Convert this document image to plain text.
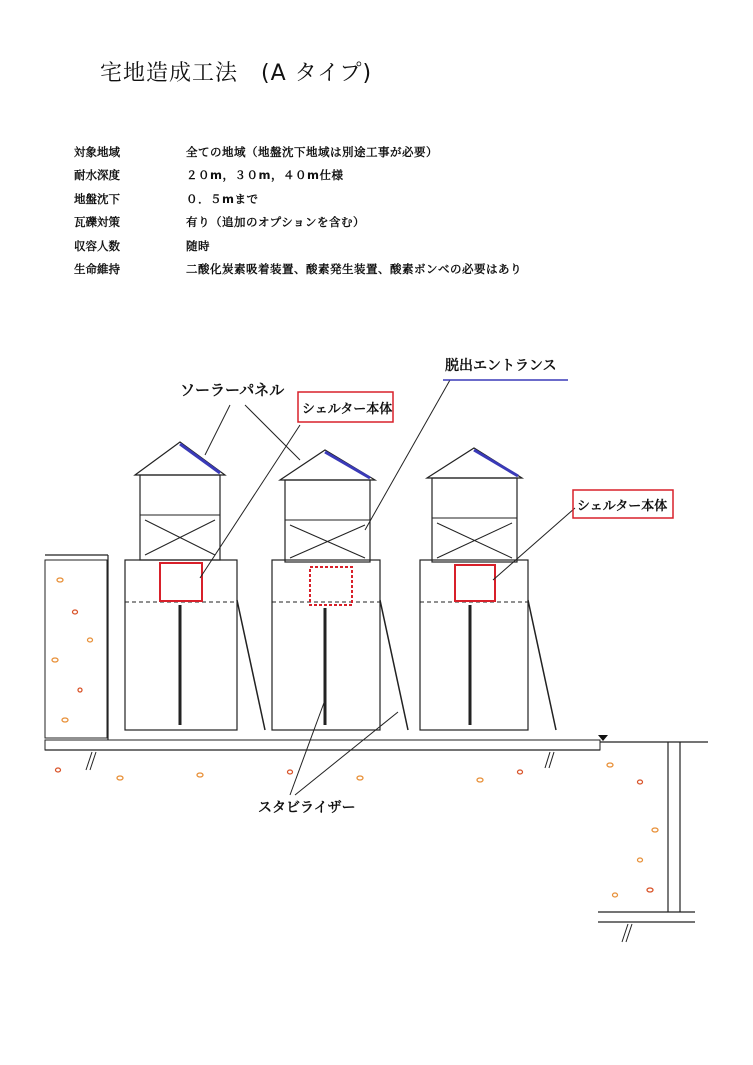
宅地造成工法　(A タイプ)
対象地域	全ての地域（地盤沈下地域は別途工事が必要）
耐水深度	２０m，３０m，４０m仕様
地盤沈下	０．５mまで
瓦礫対策	有り（追加のオプションを含む）
収容人数	随時
生命維持	二酸化炭素吸着装置、酸素発生装置、酸素ボンベの必要はあり
ソーラーパネル
シェルター本体
脱出エントランス
シェルター本体
スタビライザー
